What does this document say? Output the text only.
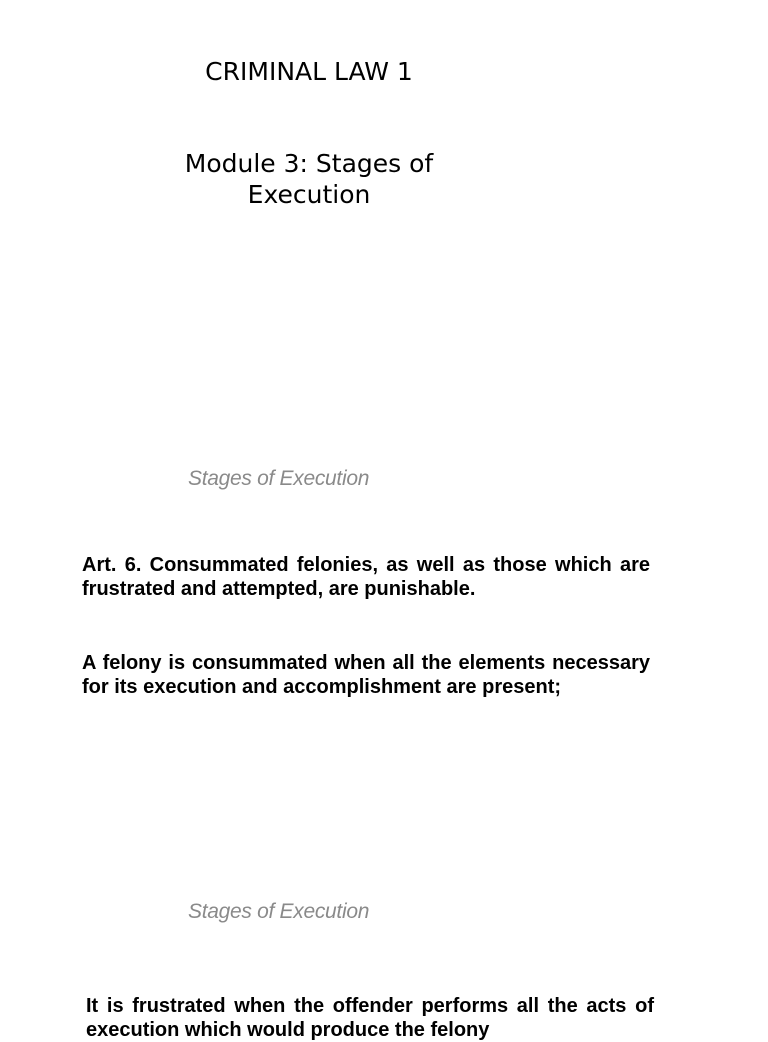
CRIMINAL LAW 1
Module 3: Stages of Execution
Stages of Execution

Art. 6. Consummated felonies, as well as those which are frustrated and attempted, are punishable.

A felony is consummated when all the elements necessary for its execution and accomplishment are present;

Stages of Execution

It is frustrated when the offender performs all the acts of execution which would produce the felony
